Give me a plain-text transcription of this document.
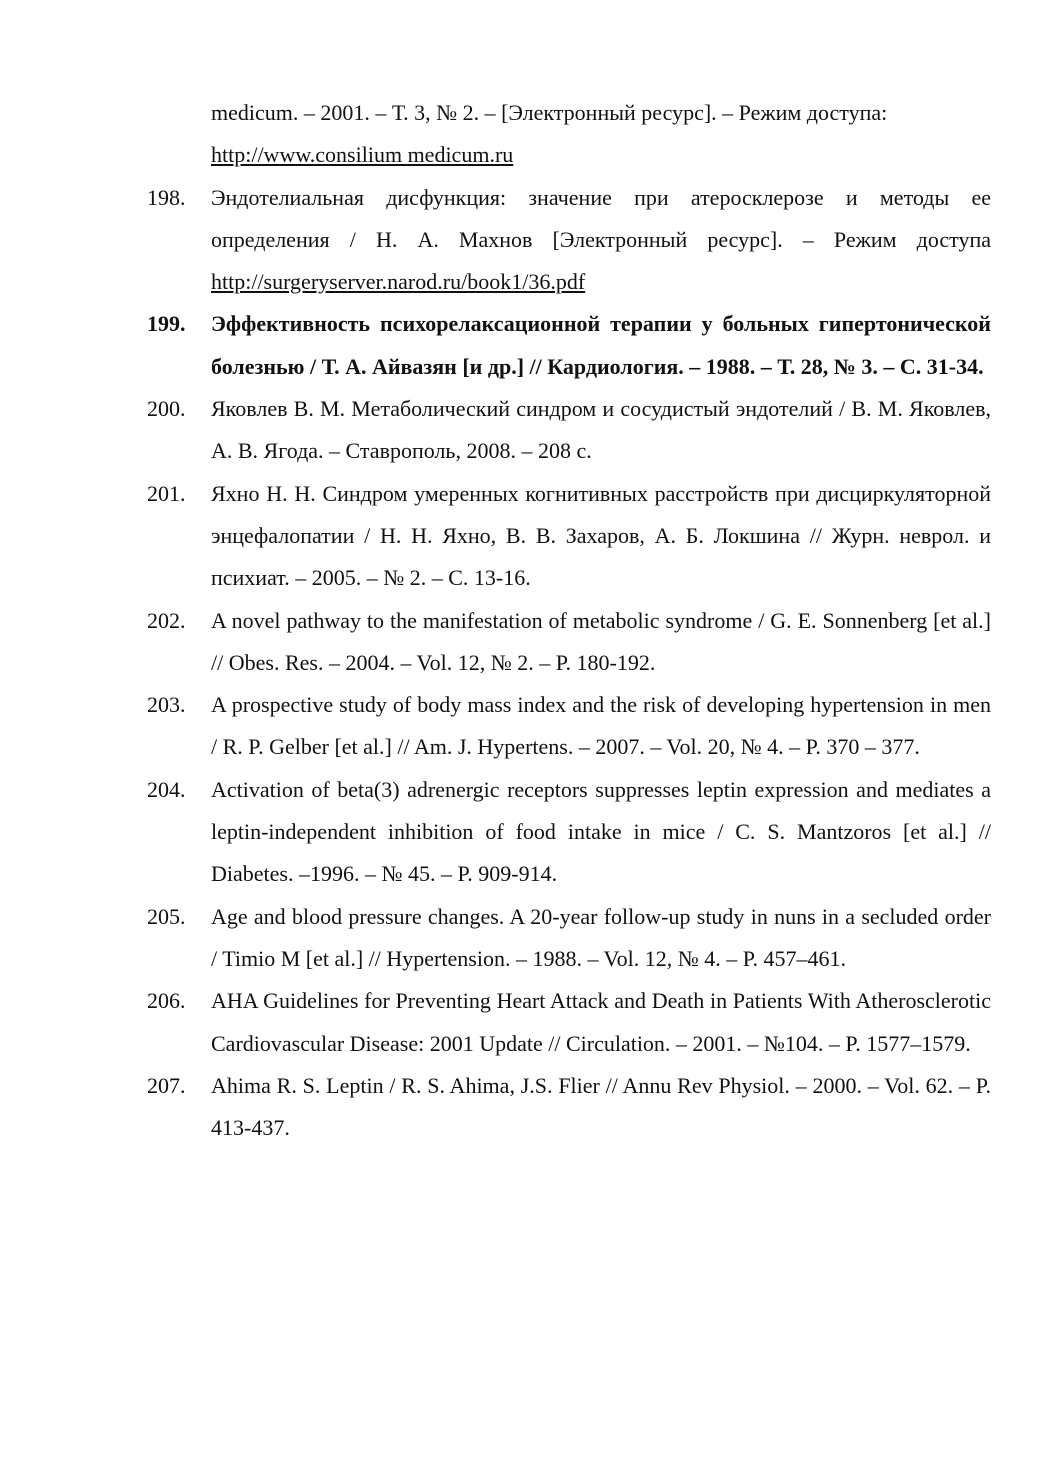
medicum. – 2001. – Т. 3, № 2. – [Электронный ресурс]. – Режим доступа:
http://www.consilium medicum.ru
198.	Эндотелиальная дисфункция: значение при атеросклерозе и методы ее определения / Н. А. Махнов [Электронный ресурс]. – Режим доступа http://surgeryserver.narod.ru/book1/36.pdf
199.	Эффективность психорелаксационной терапии у больных гипертонической болезнью / Т. А. Айвазян [и др.] // Кардиология. – 1988. – Т. 28, № 3. – С. 31-34.
200.	Яковлев В. М. Метаболический синдром и сосудистый эндотелий / В. М. Яковлев, А. В. Ягода. – Ставрополь, 2008. – 208 с.
201.	Яхно Н. Н. Синдром умеренных когнитивных расстройств при дисциркуляторной энцефалопатии / Н. Н. Яхно, В. В. Захаров, А. Б. Локшина // Журн. неврол. и психиат. – 2005. – № 2. – С. 13-16.
202.	A novel pathway to the manifestation of metabolic syndrome / G. E. Sonnenberg [et al.] // Obes. Res. – 2004. – Vol. 12, № 2. – P. 180-192.
203.	A prospective study of body mass index and the risk of developing hypertension in men / R. P. Gelber [et al.] // Am. J. Hypertens. – 2007. – Vol. 20, № 4. – P. 370 – 377.
204.	Activation of beta(3) adrenergic receptors suppresses leptin expression and mediates a leptin-independent inhibition of food intake in mice / C. S. Mantzoros [et al.] // Diabetes. –1996. – № 45. – P. 909-914.
205.	Age and blood pressure changes. A 20-year follow-up study in nuns in a secluded order / Timio M [et al.] // Hypertension. – 1988. – Vol. 12, № 4. – P. 457–461.
206.	AHA Guidelines for Preventing Heart Attack and Death in Patients With Atherosclerotic Cardiovascular Disease: 2001 Update // Circulation. – 2001. – №104. – P. 1577–1579.
207.	Ahima R. S. Leptin / R. S. Ahima, J.S. Flier // Annu Rev Physiol. – 2000. – Vol. 62. – P. 413-437.
